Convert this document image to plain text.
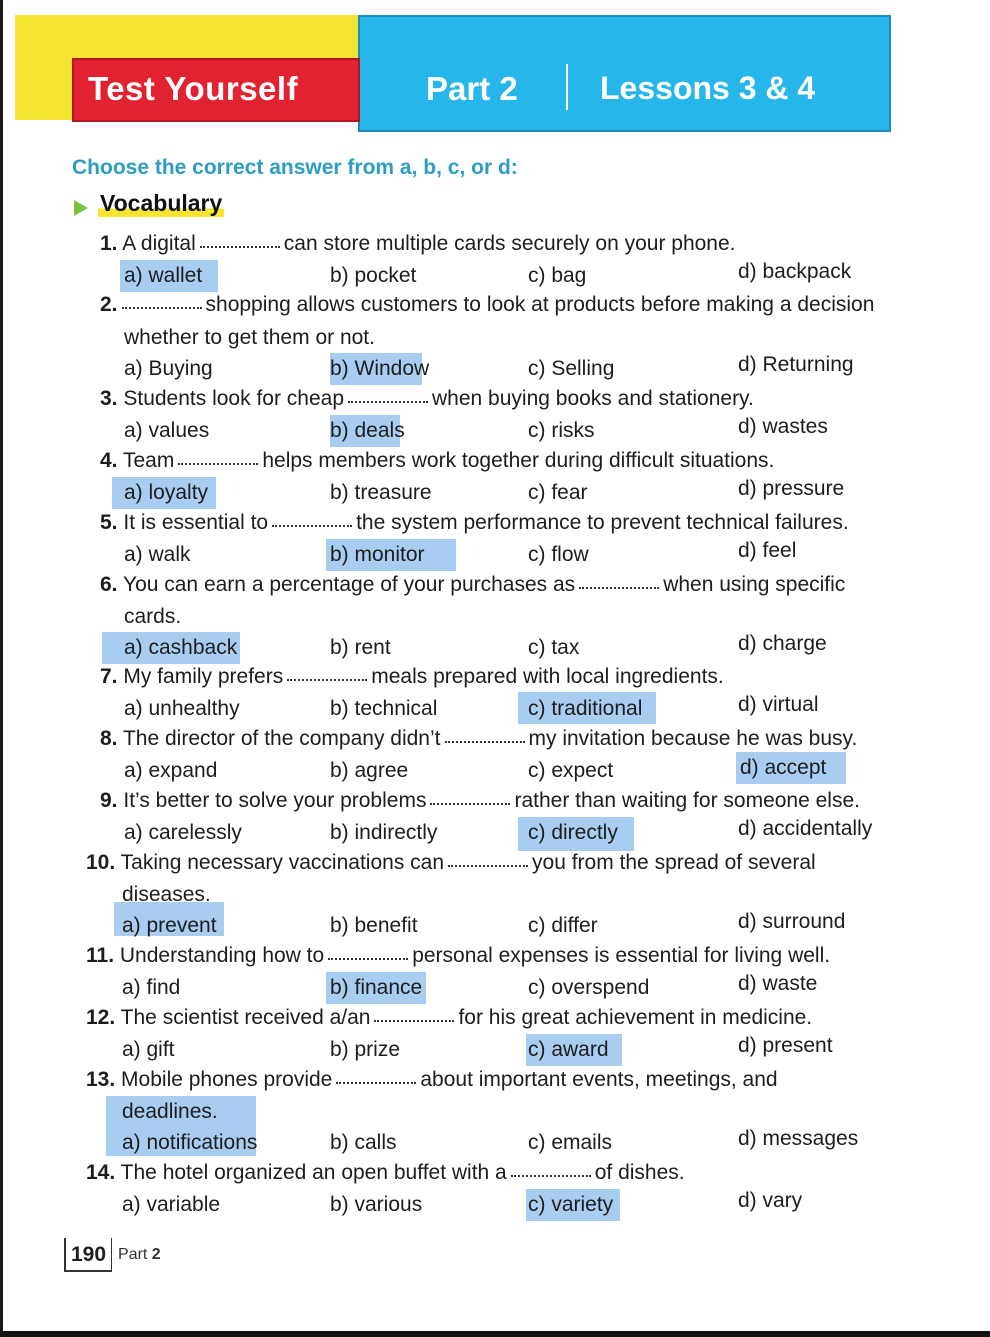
Test Yourself	Part 2	Lessons 3 & 4
Choose the correct answer from a, b, c, or d:
Vocabulary
1. A digital	can store multiple cards securely on your phone.
a) wallet	b) pocket	c) bag	d) backpack
2.	shopping allows customers to look at products before making a decision
whether to get them or not.
a) Buying	b) Window	c) Selling	d) Returning
3. Students look for cheap	when buying books and stationery.
a) values	b) deals	c) risks	d) wastes
4. Team	helps members work together during difficult situations.
a) loyalty	b) treasure	c) fear	d) pressure
5. It is essential to	the system performance to prevent technical failures.
a) walk	b) monitor	c) flow	d) feel
6. You can earn a percentage of your purchases as	when using specific
cards.
a) cashback	b) rent	c) tax	d) charge
7. My family prefers	meals prepared with local ingredients.
a) unhealthy	b) technical	c) traditional	d) virtual
8. The director of the company didn’t	my invitation because he was busy.
a) expand	b) agree	c) expect	d) accept
9. It’s better to solve your problems	rather than waiting for someone else.
a) carelessly	b) indirectly	c) directly	d) accidentally
10. Taking necessary vaccinations can	you from the spread of several
diseases.
a) prevent	b) benefit	c) differ	d) surround
11. Understanding how to	personal expenses is essential for living well.
a) find	b) finance	c) overspend	d) waste
12. The scientist received a/an	for his great achievement in medicine.
a) gift	b) prize	c) award	d) present
13. Mobile phones provide	about important events, meetings, and
deadlines.
a) notifications	b) calls	c) emails	d) messages
14. The hotel organized an open buffet with a	of dishes.
a) variable	b) various	c) variety	d) vary
190 Part 2
